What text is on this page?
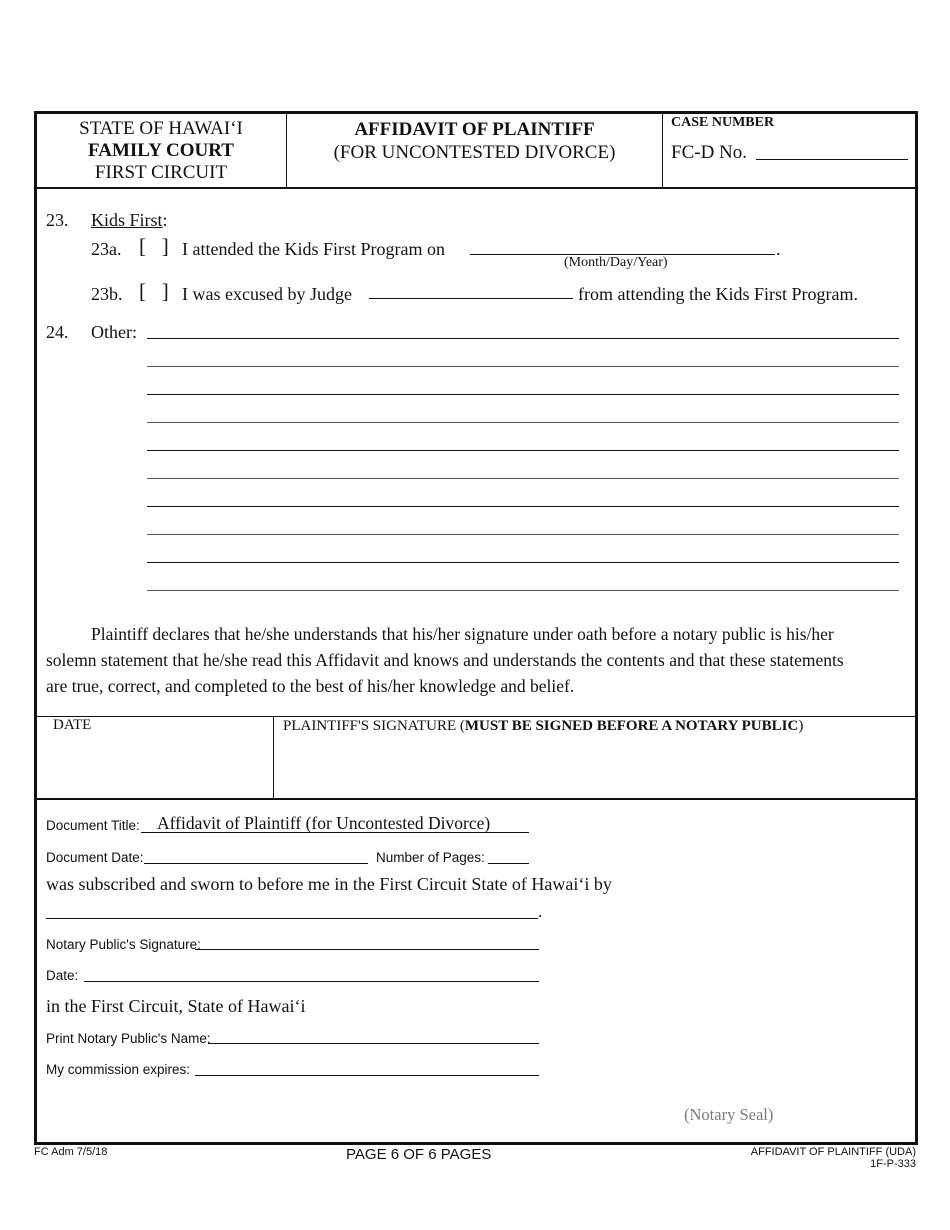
STATE OF HAWAI‘I
FAMILY COURT
FIRST CIRCUIT
AFFIDAVIT OF PLAINTIFF
(FOR UNCONTESTED DIVORCE)
CASE NUMBER
FC-D No.
23. Kids First:
23a. [   ] I attended the Kids First Program on	.
(Month/Day/Year)
23b. [   ] I was excused by Judge	from attending the Kids First Program.
24. Other:
Plaintiff declares that he/she understands that his/her signature under oath before a notary public is his/her
solemn statement that he/she read this Affidavit and knows and understands the contents and that these statements
are true, correct, and completed to the best of his/her knowledge and belief.
DATE	PLAINTIFF'S SIGNATURE (MUST BE SIGNED BEFORE A NOTARY PUBLIC)
Document Title: Affidavit of Plaintiff (for Uncontested Divorce)
Document Date:	Number of Pages:
was subscribed and sworn to before me in the First Circuit State of Hawai‘i by
.
Notary Public's Signature:
Date:
in the First Circuit, State of Hawai‘i
Print Notary Public's Name:
My commission expires:
(Notary Seal)
FC Adm 7/5/18	PAGE 6 OF 6 PAGES	AFFIDAVIT OF PLAINTIFF (UDA)
1F-P-333
